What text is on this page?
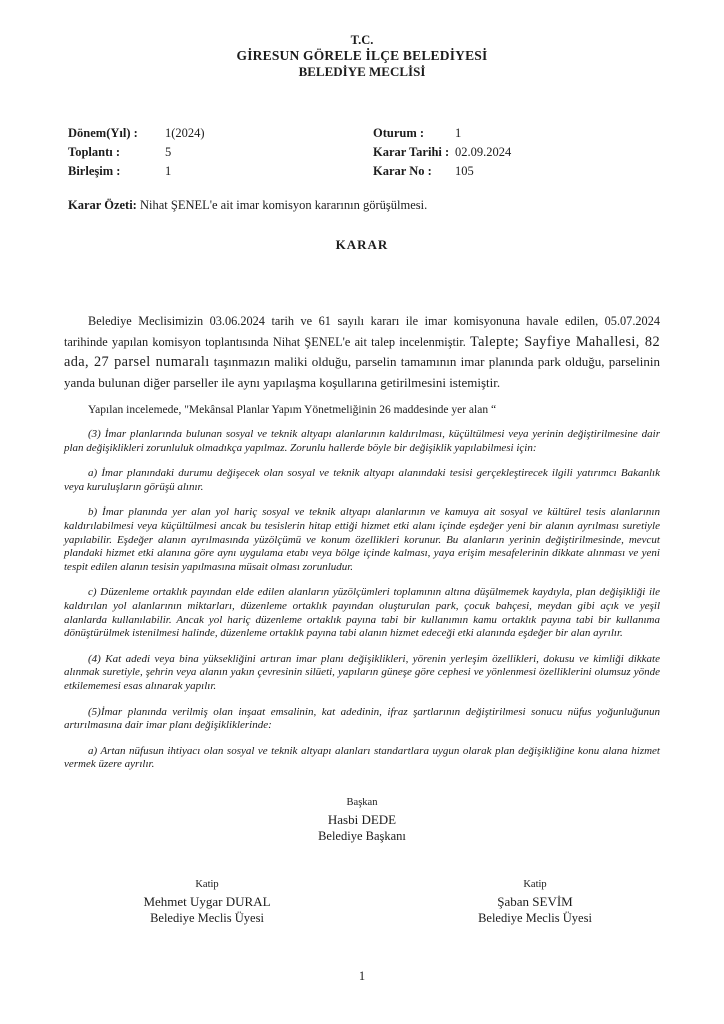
T.C.
GİRESUN GÖRELE İLÇE BELEDİYESİ
BELEDİYE MECLİSİ
Dönem(Yıl) :	1(2024)
Toplantı :	5
Birleşim :	1
Oturum :	1
Karar Tarihi : 02.09.2024
Karar No :	105
Karar Özeti: Nihat ŞENEL'e ait imar komisyon kararının görüşülmesi.
KARAR

Belediye Meclisimizin 03.06.2024 tarih ve 61 sayılı kararı ile imar komisyonuna havale edilen, 05.07.2024 tarihinde yapılan komisyon toplantısında Nihat ŞENEL'e ait talep incelenmiştir. Talepte; Sayfiye Mahallesi, 82 ada, 27 parsel numaralı taşınmazın maliki olduğu, parselin tamamının imar planında park olduğu, parselinin yanda bulunan diğer parseller ile aynı yapılaşma koşullarına getirilmesini istemiştir.

Yapılan incelemede, "Mekânsal Planlar Yapım Yönetmeliğinin 26 maddesinde yer alan “

(3) İmar planlarında bulunan sosyal ve teknik altyapı alanlarının kaldırılması, küçültülmesi veya yerinin değiştirilmesine dair plan değişiklikleri zorunluluk olmadıkça yapılmaz. Zorunlu hallerde böyle bir değişiklik yapılabilmesi için:

a) İmar planındaki durumu değişecek olan sosyal ve teknik altyapı alanındaki tesisi gerçekleştirecek ilgili yatırımcı Bakanlık veya kuruluşların görüşü alınır.

b) İmar planında yer alan yol hariç sosyal ve teknik altyapı alanlarının ve kamuya ait sosyal ve kültürel tesis alanlarının kaldırılabilmesi veya küçültülmesi ancak bu tesislerin hitap ettiği hizmet etki alanı içinde eşdeğer yeni bir alanın ayrılması suretiyle yapılabilir. Eşdeğer alanın ayrılmasında yüzölçümü ve konum özellikleri korunur. Bu alanların yerinin değiştirilmesinde, mevcut plandaki hizmet etki alanına göre aynı uygulama etabı veya bölge içinde kalması, yaya erişim mesafelerinin dikkate alınması ve yeni tespit edilen alanın tesisin yapılmasına müsait olması zorunludur.

c) Düzenleme ortaklık payından elde edilen alanların yüzölçümleri toplamının altına düşülmemek kaydıyla, plan değişikliği ile kaldırılan yol alanlarının miktarları, düzenleme ortaklık payından oluşturulan park, çocuk bahçesi, meydan gibi açık ve yeşil alanlarda kullanılabilir. Ancak yol hariç düzenleme ortaklık payına tabi bir kullanımın kamu ortaklık payına tabi bir kullanıma dönüştürülmek istenilmesi halinde, düzenleme ortaklık payına tabi alanın hizmet edeceği etki alanında eşdeğer bir alan ayrılır.

(4) Kat adedi veya bina yüksekliğini artıran imar planı değişiklikleri, yörenin yerleşim özellikleri, dokusu ve kimliği dikkate alınmak suretiyle, şehrin veya alanın yakın çevresinin silüeti, yapıların güneşe göre cephesi ve yönlenmesi özelliklerini olumsuz yönde etkilememesi esas alınarak yapılır.

(5)İmar planında verilmiş olan inşaat emsalinin, kat adedinin, ifraz şartlarının değiştirilmesi sonucu nüfus yoğunluğunun artırılmasına dair imar planı değişikliklerinde:

a) Artan nüfusun ihtiyacı olan sosyal ve teknik altyapı alanları standartlara uygun olarak plan değişikliğine konu alana hizmet vermek üzere ayrılır.

Başkan
Hasbi DEDE
Belediye Başkanı
Katip
Mehmet Uygar DURAL
Belediye Meclis Üyesi
Katip
Şaban SEVİM
Belediye Meclis Üyesi
1
